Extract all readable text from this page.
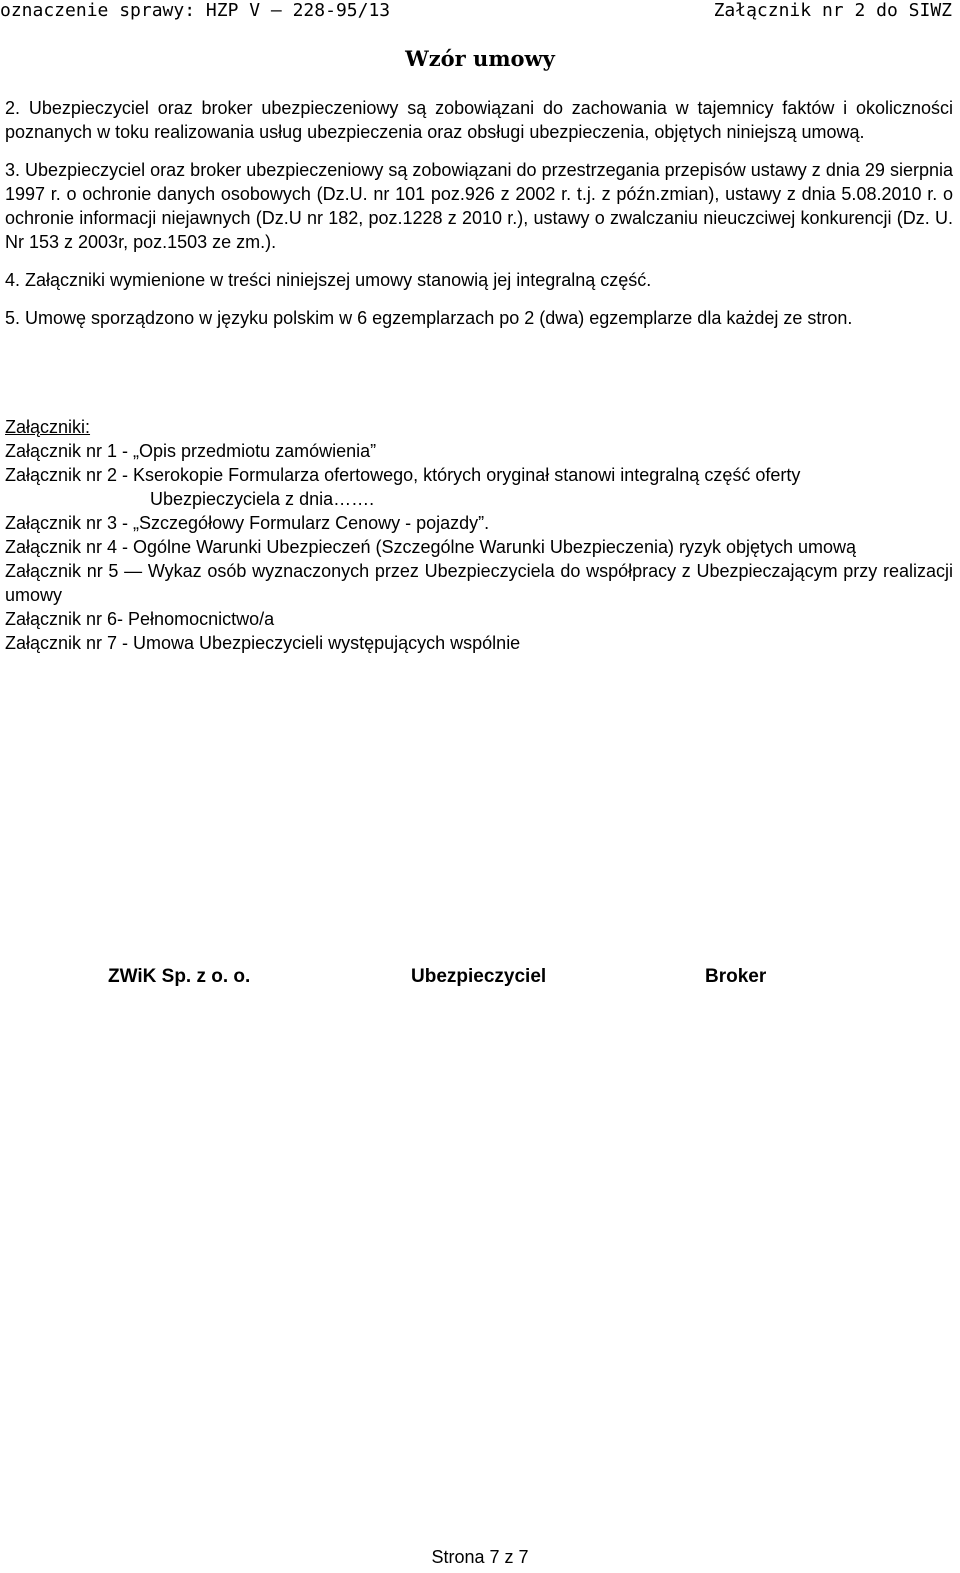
oznaczenie sprawy: HZP V – 228-95/13	Załącznik nr 2 do SIWZ
Wzór umowy

2. Ubezpieczyciel oraz broker ubezpieczeniowy są zobowiązani do zachowania w tajemnicy faktów i okoliczności poznanych w toku realizowania usług ubezpieczenia oraz obsługi ubezpieczenia, objętych niniejszą umową.

3. Ubezpieczyciel oraz broker ubezpieczeniowy są zobowiązani do przestrzegania przepisów ustawy z dnia 29 sierpnia 1997 r. o ochronie danych osobowych (Dz.U. nr 101 poz.926 z 2002 r. t.j. z późn.zmian), ustawy z dnia 5.08.2010 r. o ochronie informacji niejawnych (Dz.U nr 182, poz.1228 z 2010 r.), ustawy o zwalczaniu nieuczciwej konkurencji (Dz. U. Nr 153 z 2003r, poz.1503 ze zm.).

4. Załączniki wymienione w treści niniejszej umowy stanowią jej integralną część.

5. Umowę sporządzono w języku polskim w 6 egzemplarzach po 2 (dwa) egzemplarze dla każdej ze stron.

Załączniki:

Załącznik nr 1 - „Opis przedmiotu zamówienia”

Załącznik nr 2 - Kserokopie Formularza ofertowego, których oryginał stanowi integralną część oferty

Ubezpieczyciela z dnia…….

Załącznik nr 3 - „Szczegółowy Formularz Cenowy - pojazdy”.

Załącznik nr 4 - Ogólne Warunki Ubezpieczeń (Szczególne Warunki Ubezpieczenia) ryzyk objętych umową

Załącznik nr 5 — Wykaz osób wyznaczonych przez Ubezpieczyciela do współpracy z Ubezpieczającym przy realizacji umowy

Załącznik nr 6- Pełnomocnictwo/a

Załącznik nr 7 - Umowa Ubezpieczycieli występujących wspólnie

ZWiK Sp. z o. o.	Ubezpieczyciel	Broker
Strona 7 z 7
